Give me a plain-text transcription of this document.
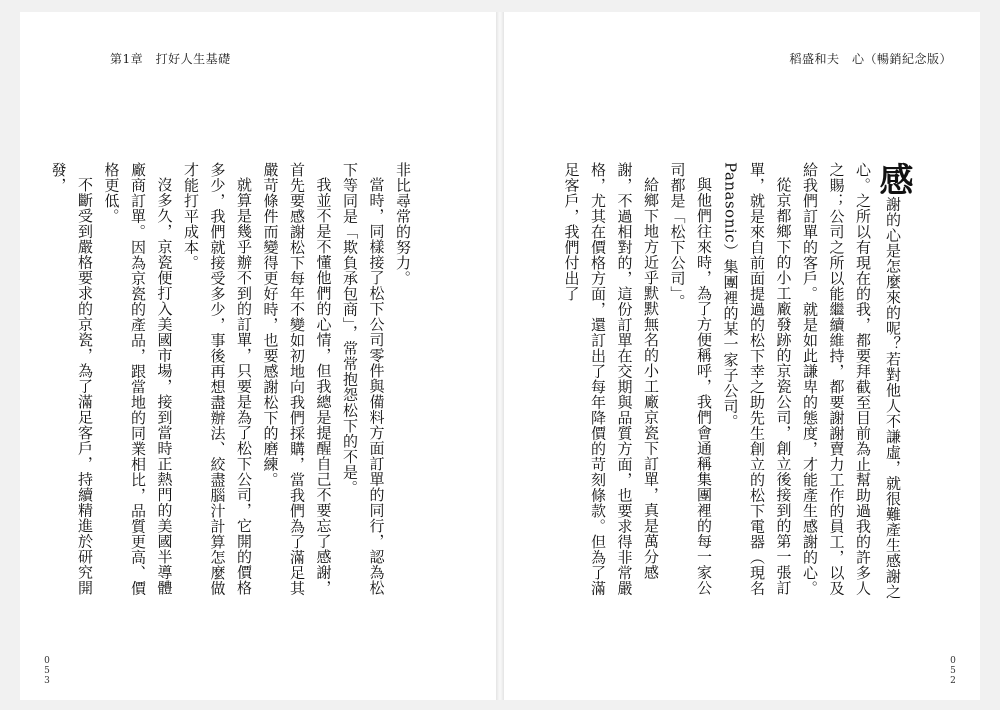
第1章　打好人生基礎

非比尋常的努力。

當時，同樣接了松下公司零件與備料方面訂單的同行，認為松下等同是「欺負承包商」，常常抱怨松下的不是。

我並不是不懂他們的心情，但我總是提醒自己不要忘了感謝，首先要感謝松下每年不變如初地向我們採購，當我們為了滿足其嚴苛條件而變得更好時，也要感謝松下的磨練。

就算是幾乎辦不到的訂單，只要是為了松下公司，它開的價格多少，我們就接受多少，事後再想盡辦法、絞盡腦汁計算怎麼做才能打平成本。

沒多久，京瓷便打入美國市場，接到當時正熱門的美國半導體廠商訂單。因為京瓷的產品，跟當地的同業相比，品質更高、價格更低。

不斷受到嚴格要求的京瓷，為了滿足客戶，持續精進於研究開發，

0
5
3
稻盛和夫　心（暢銷紀念版）

感謝的心是怎麼來的呢？若對他人不謙虛，就很難產生感謝之心。之所以有現在的我，都要拜截至目前為止幫助過我的許多人之賜；公司之所以能繼續維持，都要謝謝賣力工作的員工，以及給我們訂單的客戶。就是如此謙卑的態度，才能產生感謝的心。

從京都鄉下的小工廠發跡的京瓷公司，創立後接到的第一張訂單，就是來自前面提過的松下幸之助先生創立的松下電器（現名Panasonic）集團裡的某一家子公司。

與他們往來時，為了方便稱呼，我們會通稱集團裡的每一家公司都是「松下公司」。

給鄉下地方近乎默默無名的小工廠京瓷下訂單，真是萬分感謝，不過相對的，這份訂單在交期與品質方面，也要求得非常嚴格，尤其在價格方面，還訂出了每年降價的苛刻條款。但為了滿足客戶，我們付出了

0
5
2
